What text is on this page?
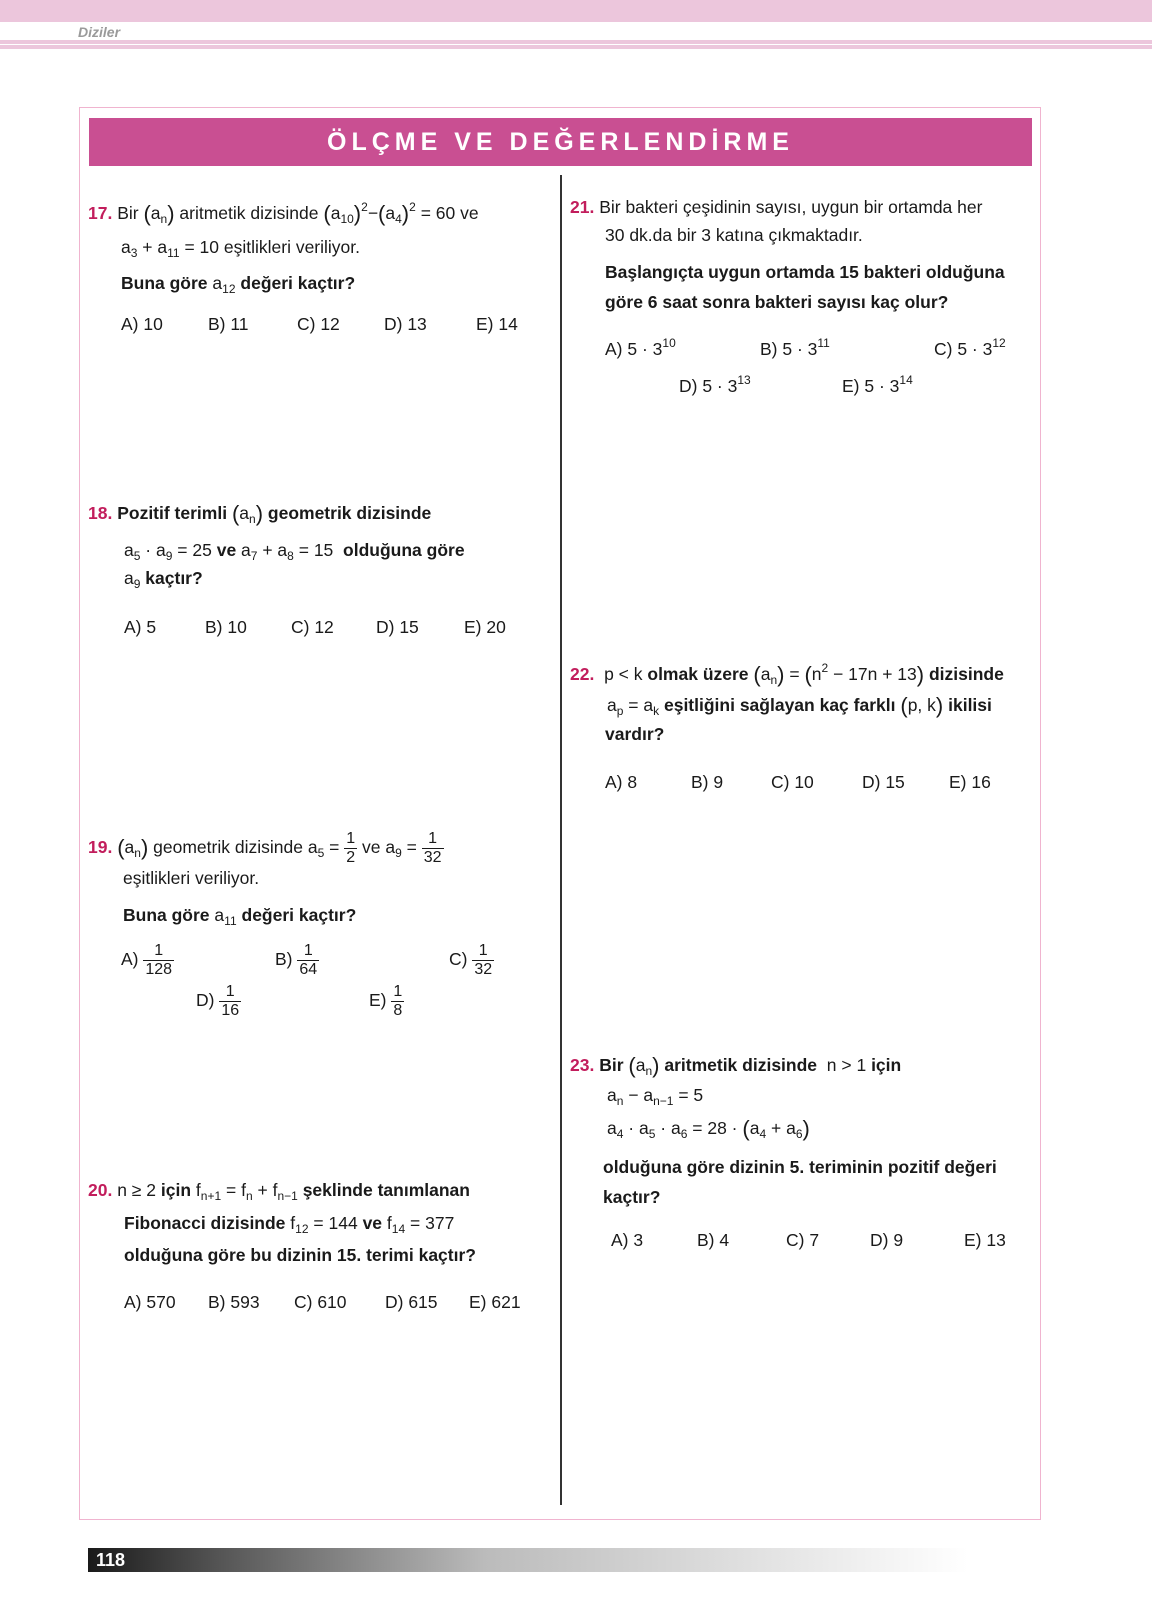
Diziler
ÖLÇME VE DEĞERLENDİRME
17. Bir $(a_n)$ aritmetik dizisinde $(a_{10})^2-(a_4)^2 = 60$ ve
$a_3 + a_{11} = 10$ eşitlikleri veriliyor.
Buna göre $a_{12}$ değeri kaçtır?
A) 10	B) 11	C) 12	D) 13	E) 14
18. Pozitif terimli $(a_n)$ geometrik dizisinde
$a_5 \cdot a_9 = 25$ ve $a_7 + a_8 = 15$ olduğuna göre
$a_9$ kaçtır?
A) 5	B) 10	C) 12 D) 15	E) 20
19. $(a_n)$ geometrik dizisinde $a_5 = \frac{1}{2}$ ve $a_9 = \frac{1}{32}$
eşitlikleri veriliyor.
Buna göre $a_{11}$ değeri kaçtır?
$A) \frac{1}{128}$	$B) \frac{1}{64}$	$C) \frac{1}{32}$
$D) \frac{1}{16}$	$E) \frac{1}{8}$
20. n ≥ 2 için $f_{n+1} = f_n + f_{n-1}$ şeklinde tanımlanan
Fibonacci dizisinde $f_{12} = 144$ ve $f_{14} = 377$
olduğuna göre bu dizinin 15. terimi kaçtır?
A) 570 B) 593 C) 610 D) 615 E) 621
21. Bir bakteri çeşidinin sayısı, uygun bir ortamda her
30 dk.da bir 3 katına çıkmaktadır.
Başlangıçta uygun ortamda 15 bakteri olduğuna
göre 6 saat sonra bakteri sayısı kaç olur?
A) $5 \cdot 3^{10}$	B) $5 \cdot 3^{11}$	C) $5 \cdot 3^{12}$
D) $5 \cdot 3^{13}$	E) $5 \cdot 3^{14}$
22.  p < k olmak üzere $(a_n) = (n^2 - 17n + 13)$ dizisinde
$a_p = a_k$ eşitliğini sağlayan kaç farklı (p, k) ikilisi
vardır?
A) 8	B) 9	C) 10	D) 15	E) 16
23. Bir $(a_n)$ aritmetik dizisinde  n > 1 için
$a_n - a_{n-1} = 5$
$a_4 \cdot a_5 \cdot a_6 = 28 \cdot (a_4 + a_6)$
olduğuna göre dizinin 5. teriminin pozitif değeri
kaçtır?
A) 3	B) 4	C) 7	D) 9	E) 13
118
